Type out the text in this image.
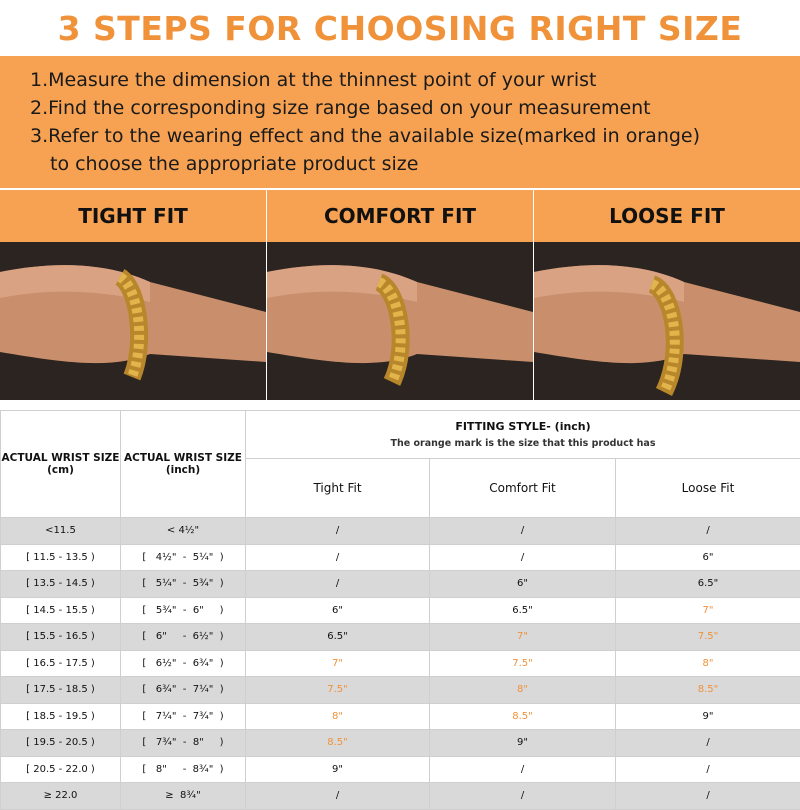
3 STEPS FOR CHOOSING RIGHT SIZE
1.Measure the dimension at the thinnest point of your wrist
2.Find the corresponding size range based on your measurement
3.Refer to the wearing effect and the available size(marked in orange)
to choose the appropriate product size
TIGHT FIT	COMFORT FIT	LOOSE FIT
ACTUAL WRIST SIZE (cm)	ACTUAL WRIST SIZE (inch)	FITTING STYLE- (inch)
The orange mark is the size that this product has		

		Tight Fit	Comfort Fit	Loose Fit
<11.5	< 4½"	/	/	/
[ 11.5 - 13.5 )	[   4½"  -  5¼"  )	/	/	6"
[ 13.5 - 14.5 )	[   5¼"  -  5¾"  )	/	6"	6.5"
[ 14.5 - 15.5 )	[   5¾"  -  6"     )	6"	6.5"	7"
[ 15.5 - 16.5 )	[   6"     -  6½"  )	6.5"	7"	7.5"
[ 16.5 - 17.5 )	[   6½"  -  6¾"  )	7"	7.5"	8"
[ 17.5 - 18.5 )	[   6¾"  -  7¼"  )	7.5"	8"	8.5"
[ 18.5 - 19.5 )	[   7¼"  -  7¾"  )	8"	8.5"	9"
[ 19.5 - 20.5 )	[   7¾"  -  8"     )	8.5"	9"	/
[ 20.5 - 22.0 )	[   8"     -  8¾"  )	9"	/	/
≥ 22.0	≥  8¾"	/	/	/
